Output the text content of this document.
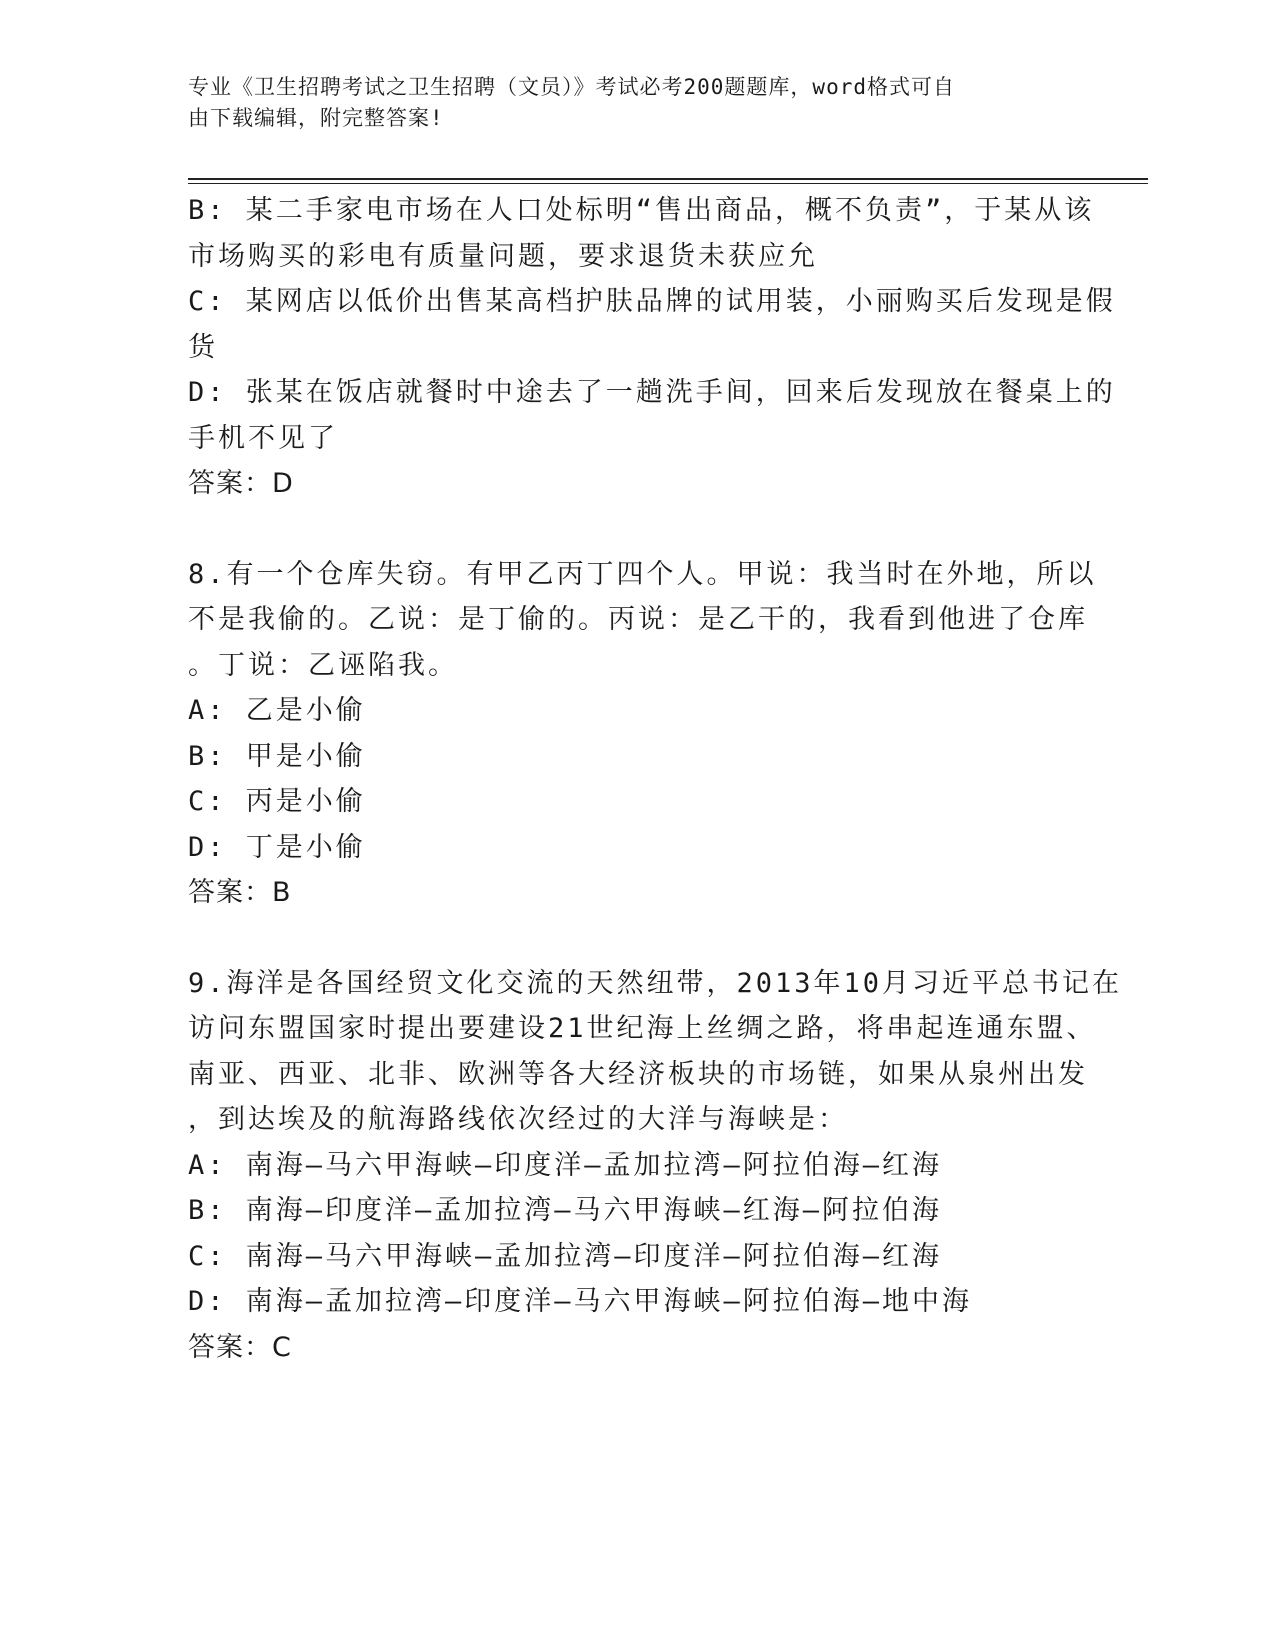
专业《卫生招聘考试之卫生招聘（文员）》考试必考200题题库，word格式可自
由下载编辑，附完整答案!
B: 某二手家电市场在人口处标明“售出商品，概不负责”，于某从该
市场购买的彩电有质量问题，要求退货未获应允
C: 某网店以低价出售某高档护肤品牌的试用装，小丽购买后发现是假
货
D: 张某在饭店就餐时中途去了一趟洗手间，回来后发现放在餐桌上的
手机不见了
答案：D
8.有一个仓库失窃。有甲乙丙丁四个人。甲说：我当时在外地，所以
不是我偷的。乙说：是丁偷的。丙说：是乙干的，我看到他进了仓库
。丁说：乙诬陷我。
A: 乙是小偷
B: 甲是小偷
C: 丙是小偷
D: 丁是小偷
答案：B
9.海洋是各国经贸文化交流的天然纽带，2013年10月习近平总书记在
访问东盟国家时提出要建设21世纪海上丝绸之路，将串起连通东盟、
南亚、西亚、北非、欧洲等各大经济板块的市场链，如果从泉州出发
，到达埃及的航海路线依次经过的大洋与海峡是：
A: 南海—马六甲海峡—印度洋—孟加拉湾—阿拉伯海—红海
B: 南海—印度洋—孟加拉湾—马六甲海峡—红海—阿拉伯海
C: 南海—马六甲海峡—孟加拉湾—印度洋—阿拉伯海—红海
D: 南海—孟加拉湾—印度洋—马六甲海峡—阿拉伯海—地中海
答案：C
